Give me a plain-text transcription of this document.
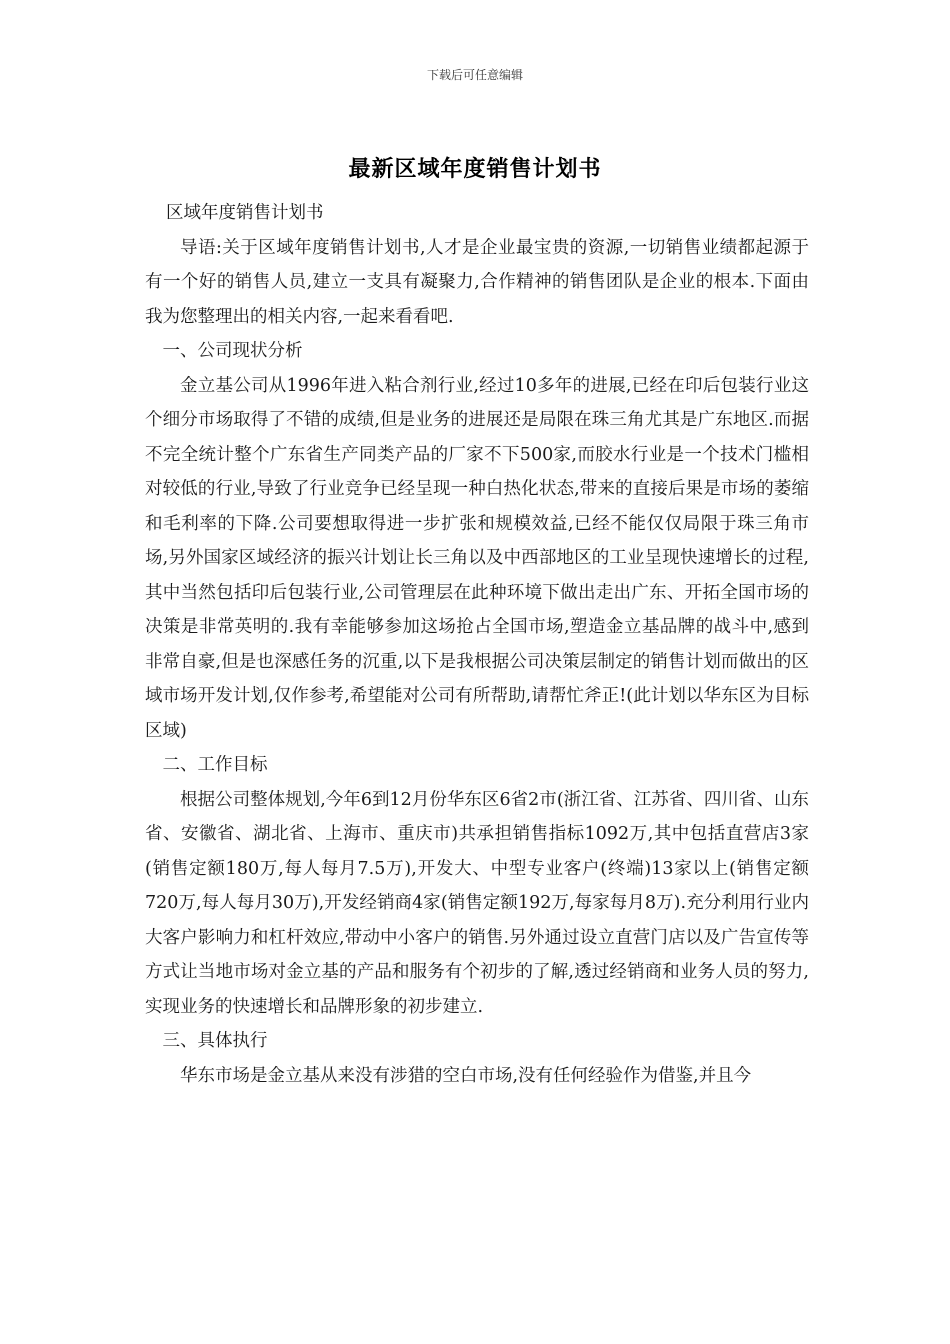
下载后可任意编辑
最新区域年度销售计划书

区域年度销售计划书

导语:关于区域年度销售计划书,人才是企业最宝贵的资源,一切销售业绩都起源于有一个好的销售人员,建立一支具有凝聚力,合作精神的销售团队是企业的根本.下面由我为您整理出的相关内容,一起来看看吧.

一、公司现状分析

金立基公司从1996年进入粘合剂行业,经过10多年的进展,已经在印后包装行业这个细分市场取得了不错的成绩,但是业务的进展还是局限在珠三角尤其是广东地区.而据不完全统计整个广东省生产同类产品的厂家不下500家,而胶水行业是一个技术门槛相对较低的行业,导致了行业竞争已经呈现一种白热化状态,带来的直接后果是市场的萎缩和毛利率的下降.公司要想取得进一步扩张和规模效益,已经不能仅仅局限于珠三角市场,另外国家区域经济的振兴计划让长三角以及中西部地区的工业呈现快速增长的过程,其中当然包括印后包装行业,公司管理层在此种环境下做出走出广东、开拓全国市场的决策是非常英明的.我有幸能够参加这场抢占全国市场,塑造金立基品牌的战斗中,感到非常自豪,但是也深感任务的沉重,以下是我根据公司决策层制定的销售计划而做出的区域市场开发计划,仅作参考,希望能对公司有所帮助,请帮忙斧正!(此计划以华东区为目标区域)

二、工作目标

根据公司整体规划,今年6到12月份华东区6省2市(浙江省、江苏省、四川省、山东省、安徽省、湖北省、上海市、重庆市)共承担销售指标1092万,其中包括直营店3家(销售定额180万,每人每月7.5万),开发大、中型专业客户(终端)13家以上(销售定额720万,每人每月30万),开发经销商4家(销售定额192万,每家每月8万).充分利用行业内大客户影响力和杠杆效应,带动中小客户的销售.另外通过设立直营门店以及广告宣传等方式让当地市场对金立基的产品和服务有个初步的了解,透过经销商和业务人员的努力,实现业务的快速增长和品牌形象的初步建立.

三、具体执行

华东市场是金立基从来没有涉猎的空白市场,没有任何经验作为借鉴,并且今
